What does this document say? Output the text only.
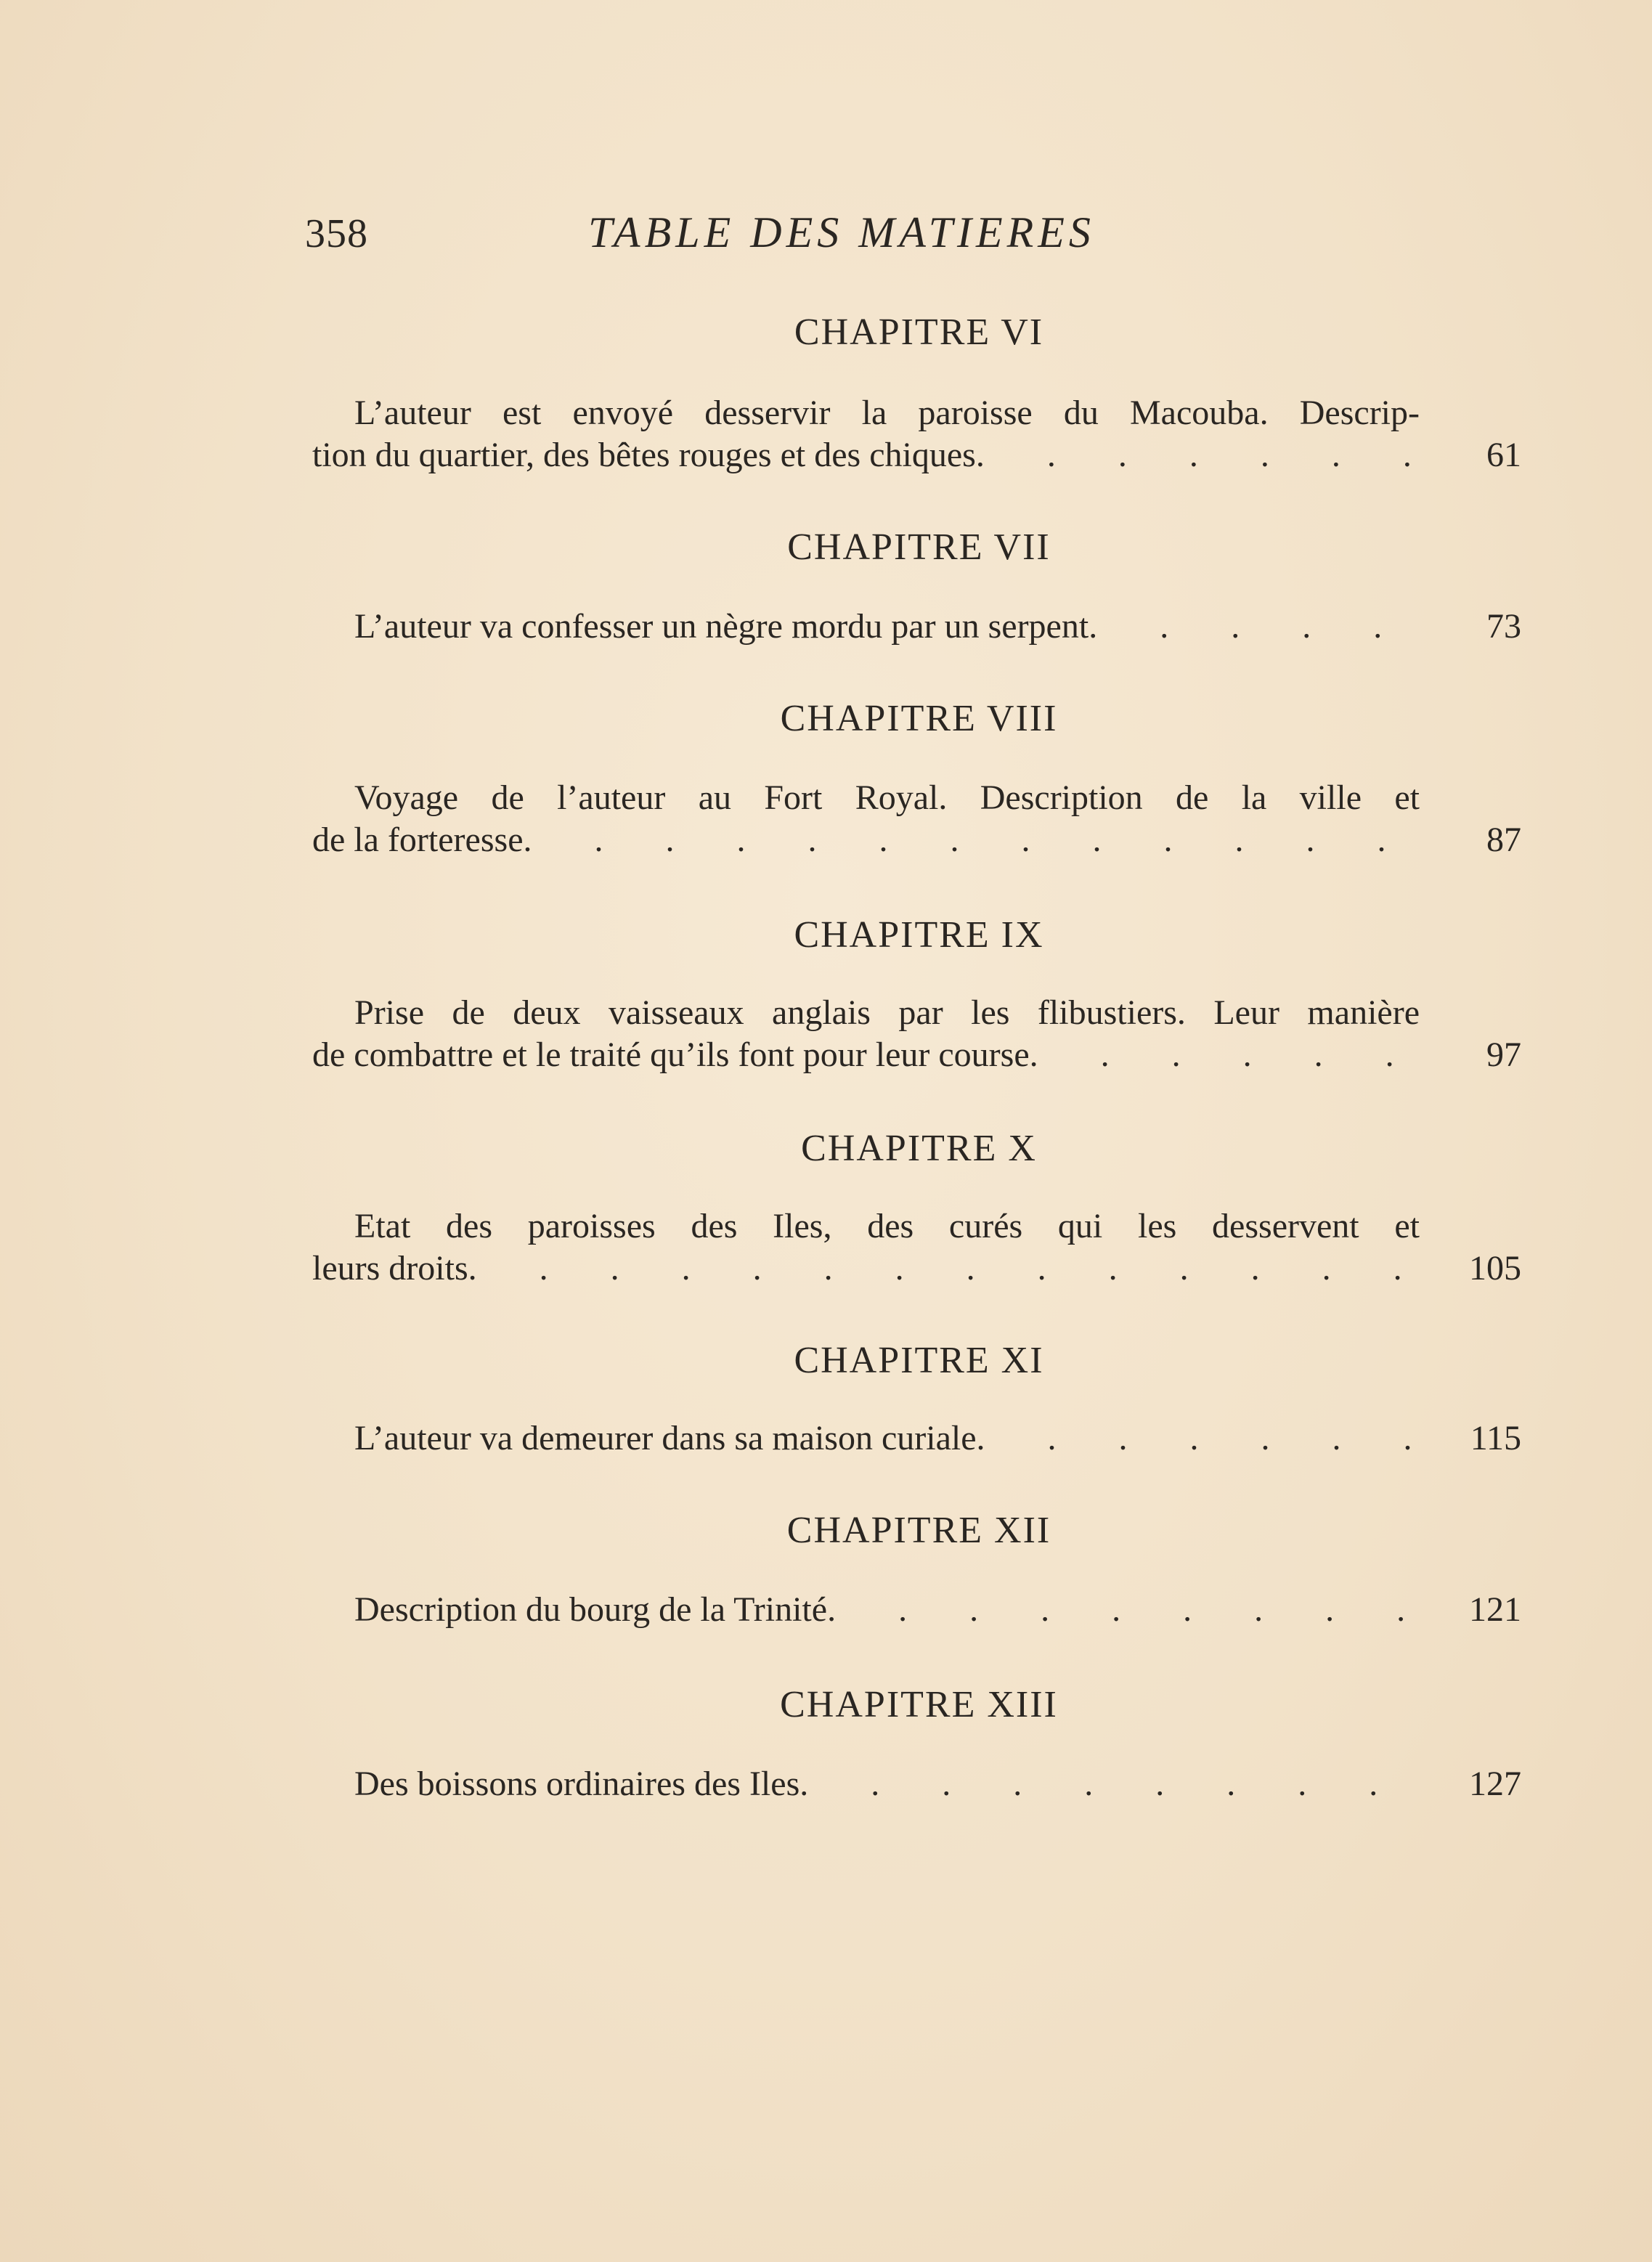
358	TABLE DES MATIERES
CHAPITRE VI
L’auteur est envoyé desservir la paroisse du Macouba. Descrip-
tion du quartier, des bêtes rouges et des chiques . . .	61
CHAPITRE VII
L’auteur va confesser un nègre mordu par un serpent . . .	73
CHAPITRE VIII
Voyage de l’auteur au Fort Royal. Description de la ville et
de la forteresse . . .	87
CHAPITRE IX
Prise de deux vaisseaux anglais par les flibustiers. Leur manière
de combattre et le traité qu’ils font pour leur course . . .	97
CHAPITRE X
Etat des paroisses des Iles, des curés qui les desservent et
leurs droits . . .	105
CHAPITRE XI
L’auteur va demeurer dans sa maison curiale . . .	115
CHAPITRE XII
Description du bourg de la Trinité . . .	121
CHAPITRE XIII
Des boissons ordinaires des Iles . . .	127
